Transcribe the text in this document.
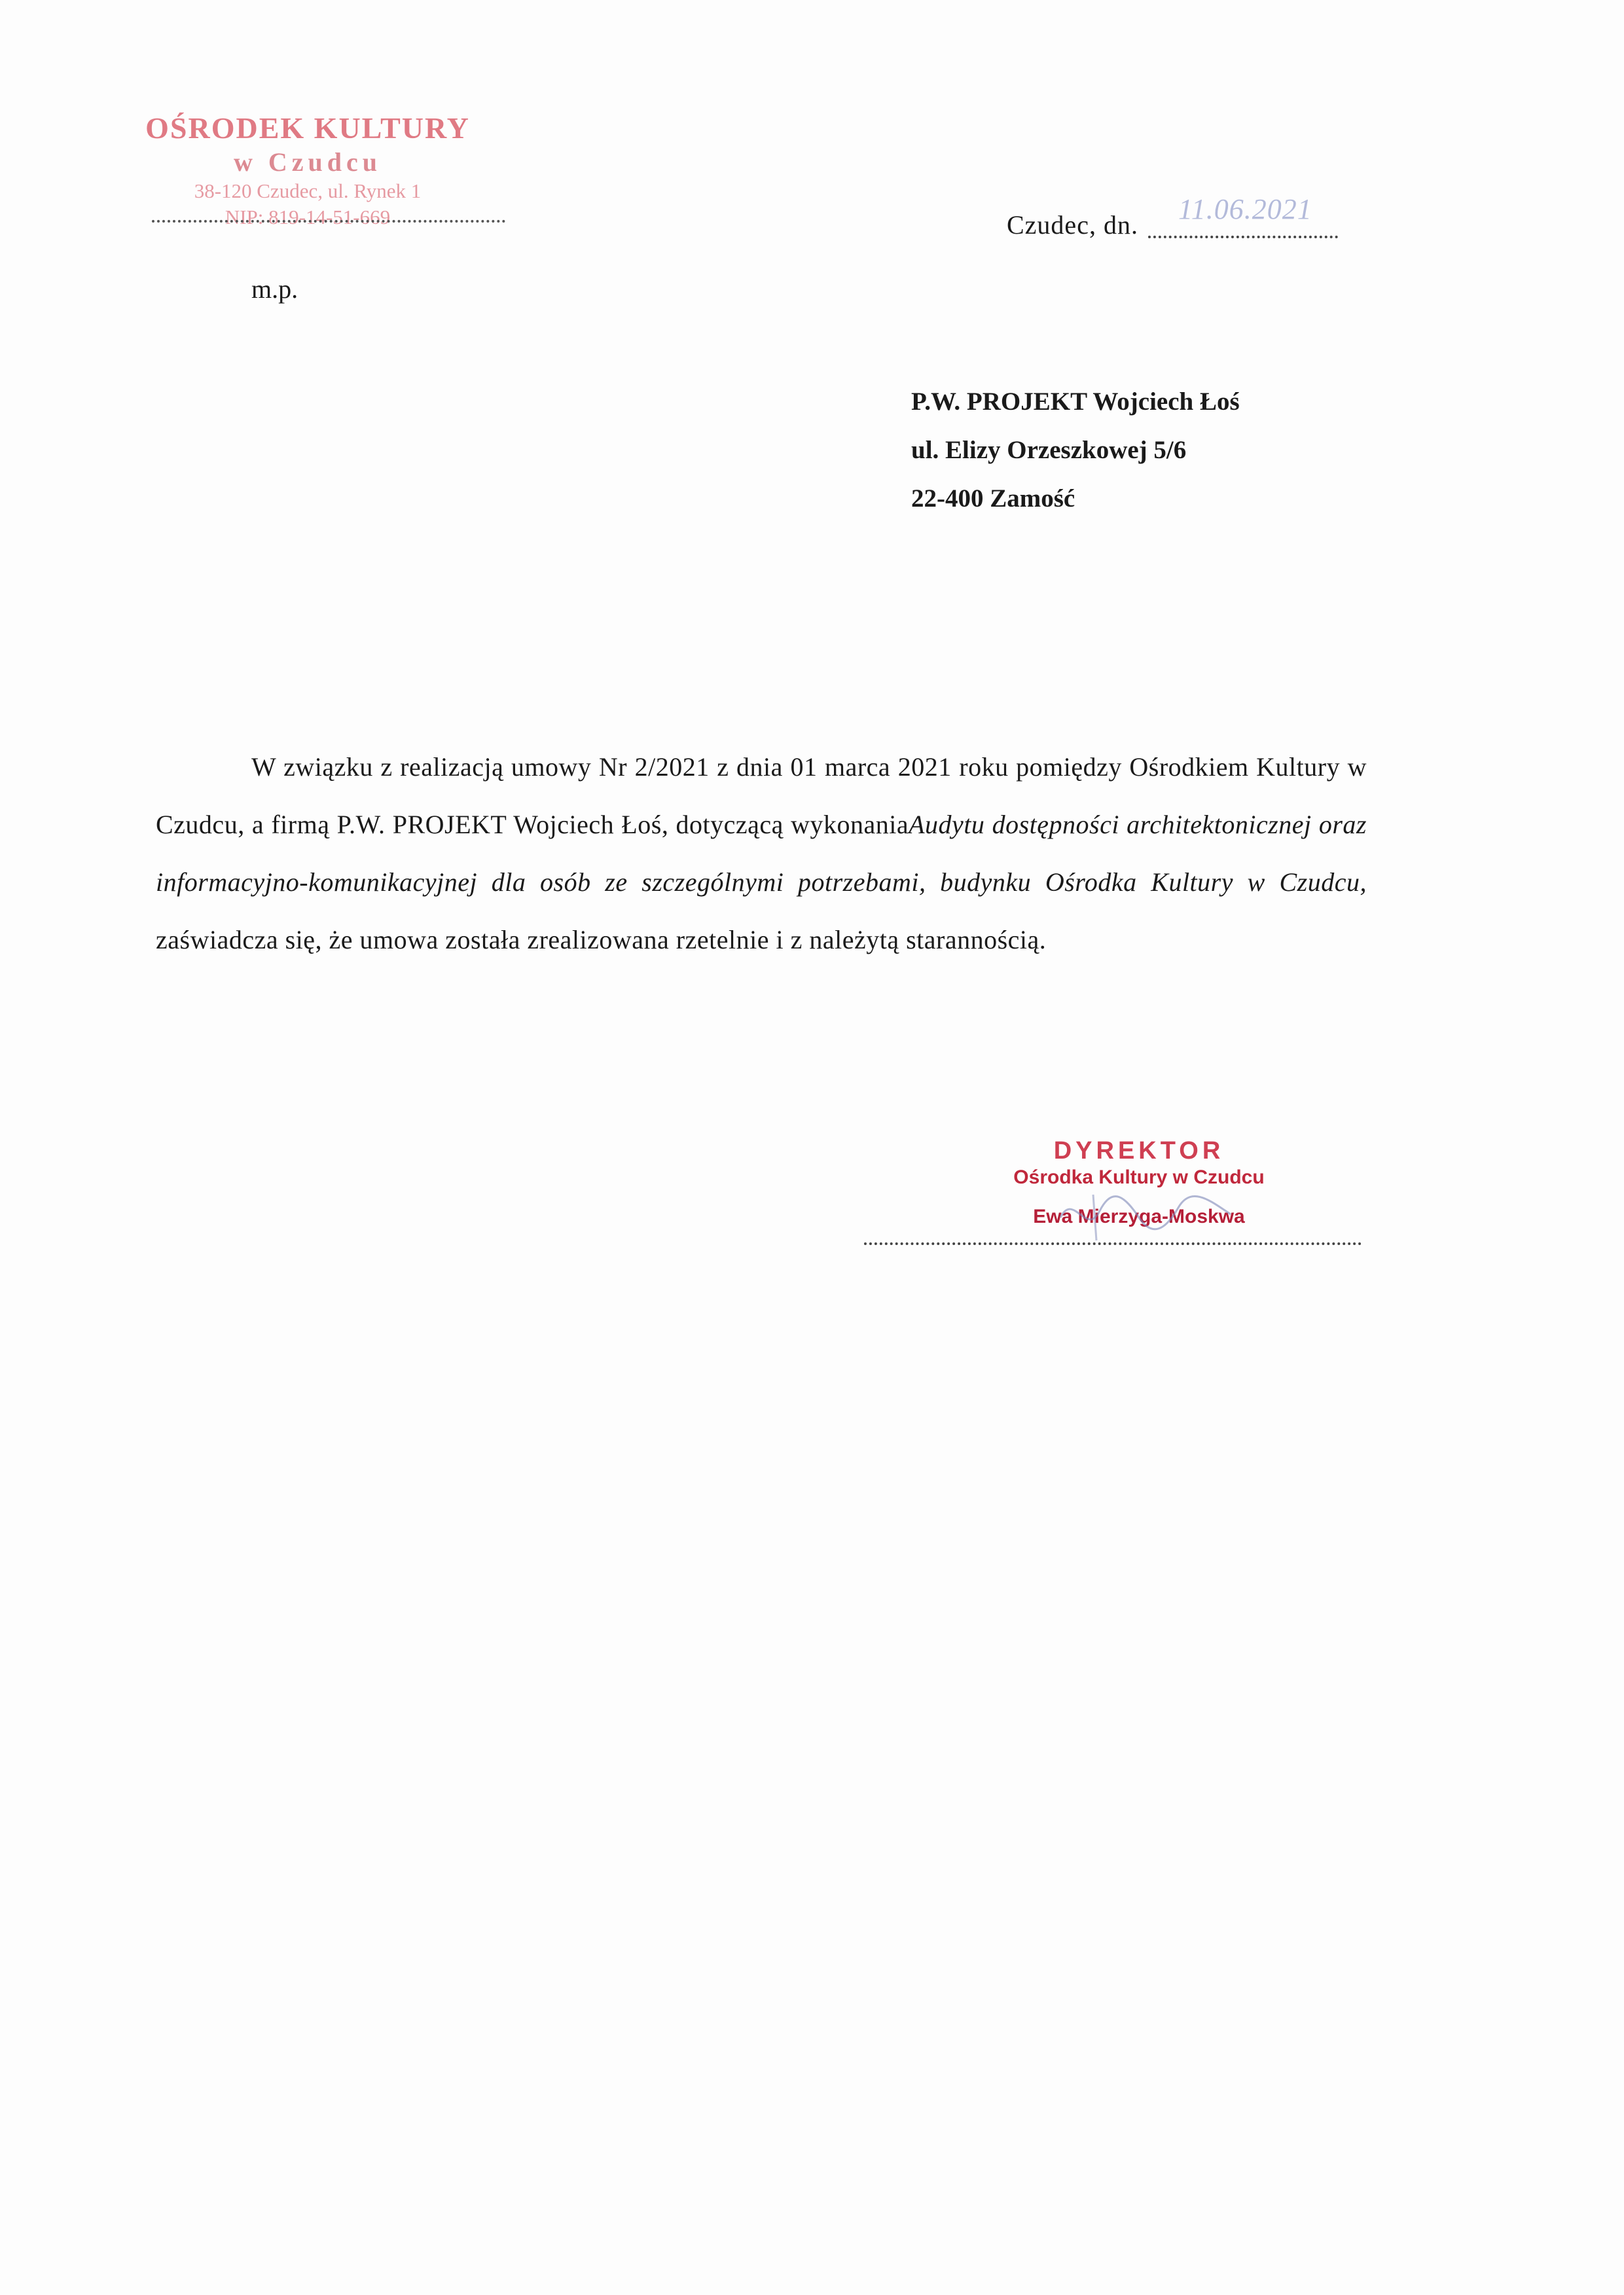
OŚRODEK KULTURY
w Czudcu
38-120 Czudec, ul. Rynek 1
NIP: 819-14-51-669
m.p.
Czudec, dn. 11.06.2021
P.W. PROJEKT Wojciech Łoś
ul. Elizy Orzeszkowej 5/6
22-400 Zamość
W związku z realizacją umowy Nr 2/2021 z dnia 01 marca 2021 roku pomiędzy Ośrodkiem Kultury w Czudcu, a firmą P.W. PROJEKT Wojciech Łoś, dotyczącą wykonaniaAudytu dostępności architektonicznej oraz informacyjno-komunikacyjnej dla osób ze szczególnymi potrzebami, budynku Ośrodka Kultury w Czudcu, zaświadcza się, że umowa została zrealizowana rzetelnie i z należytą starannością.
DYREKTOR
Ośrodka Kultury w Czudcu
Ewa Mierzyga-Moskwa
